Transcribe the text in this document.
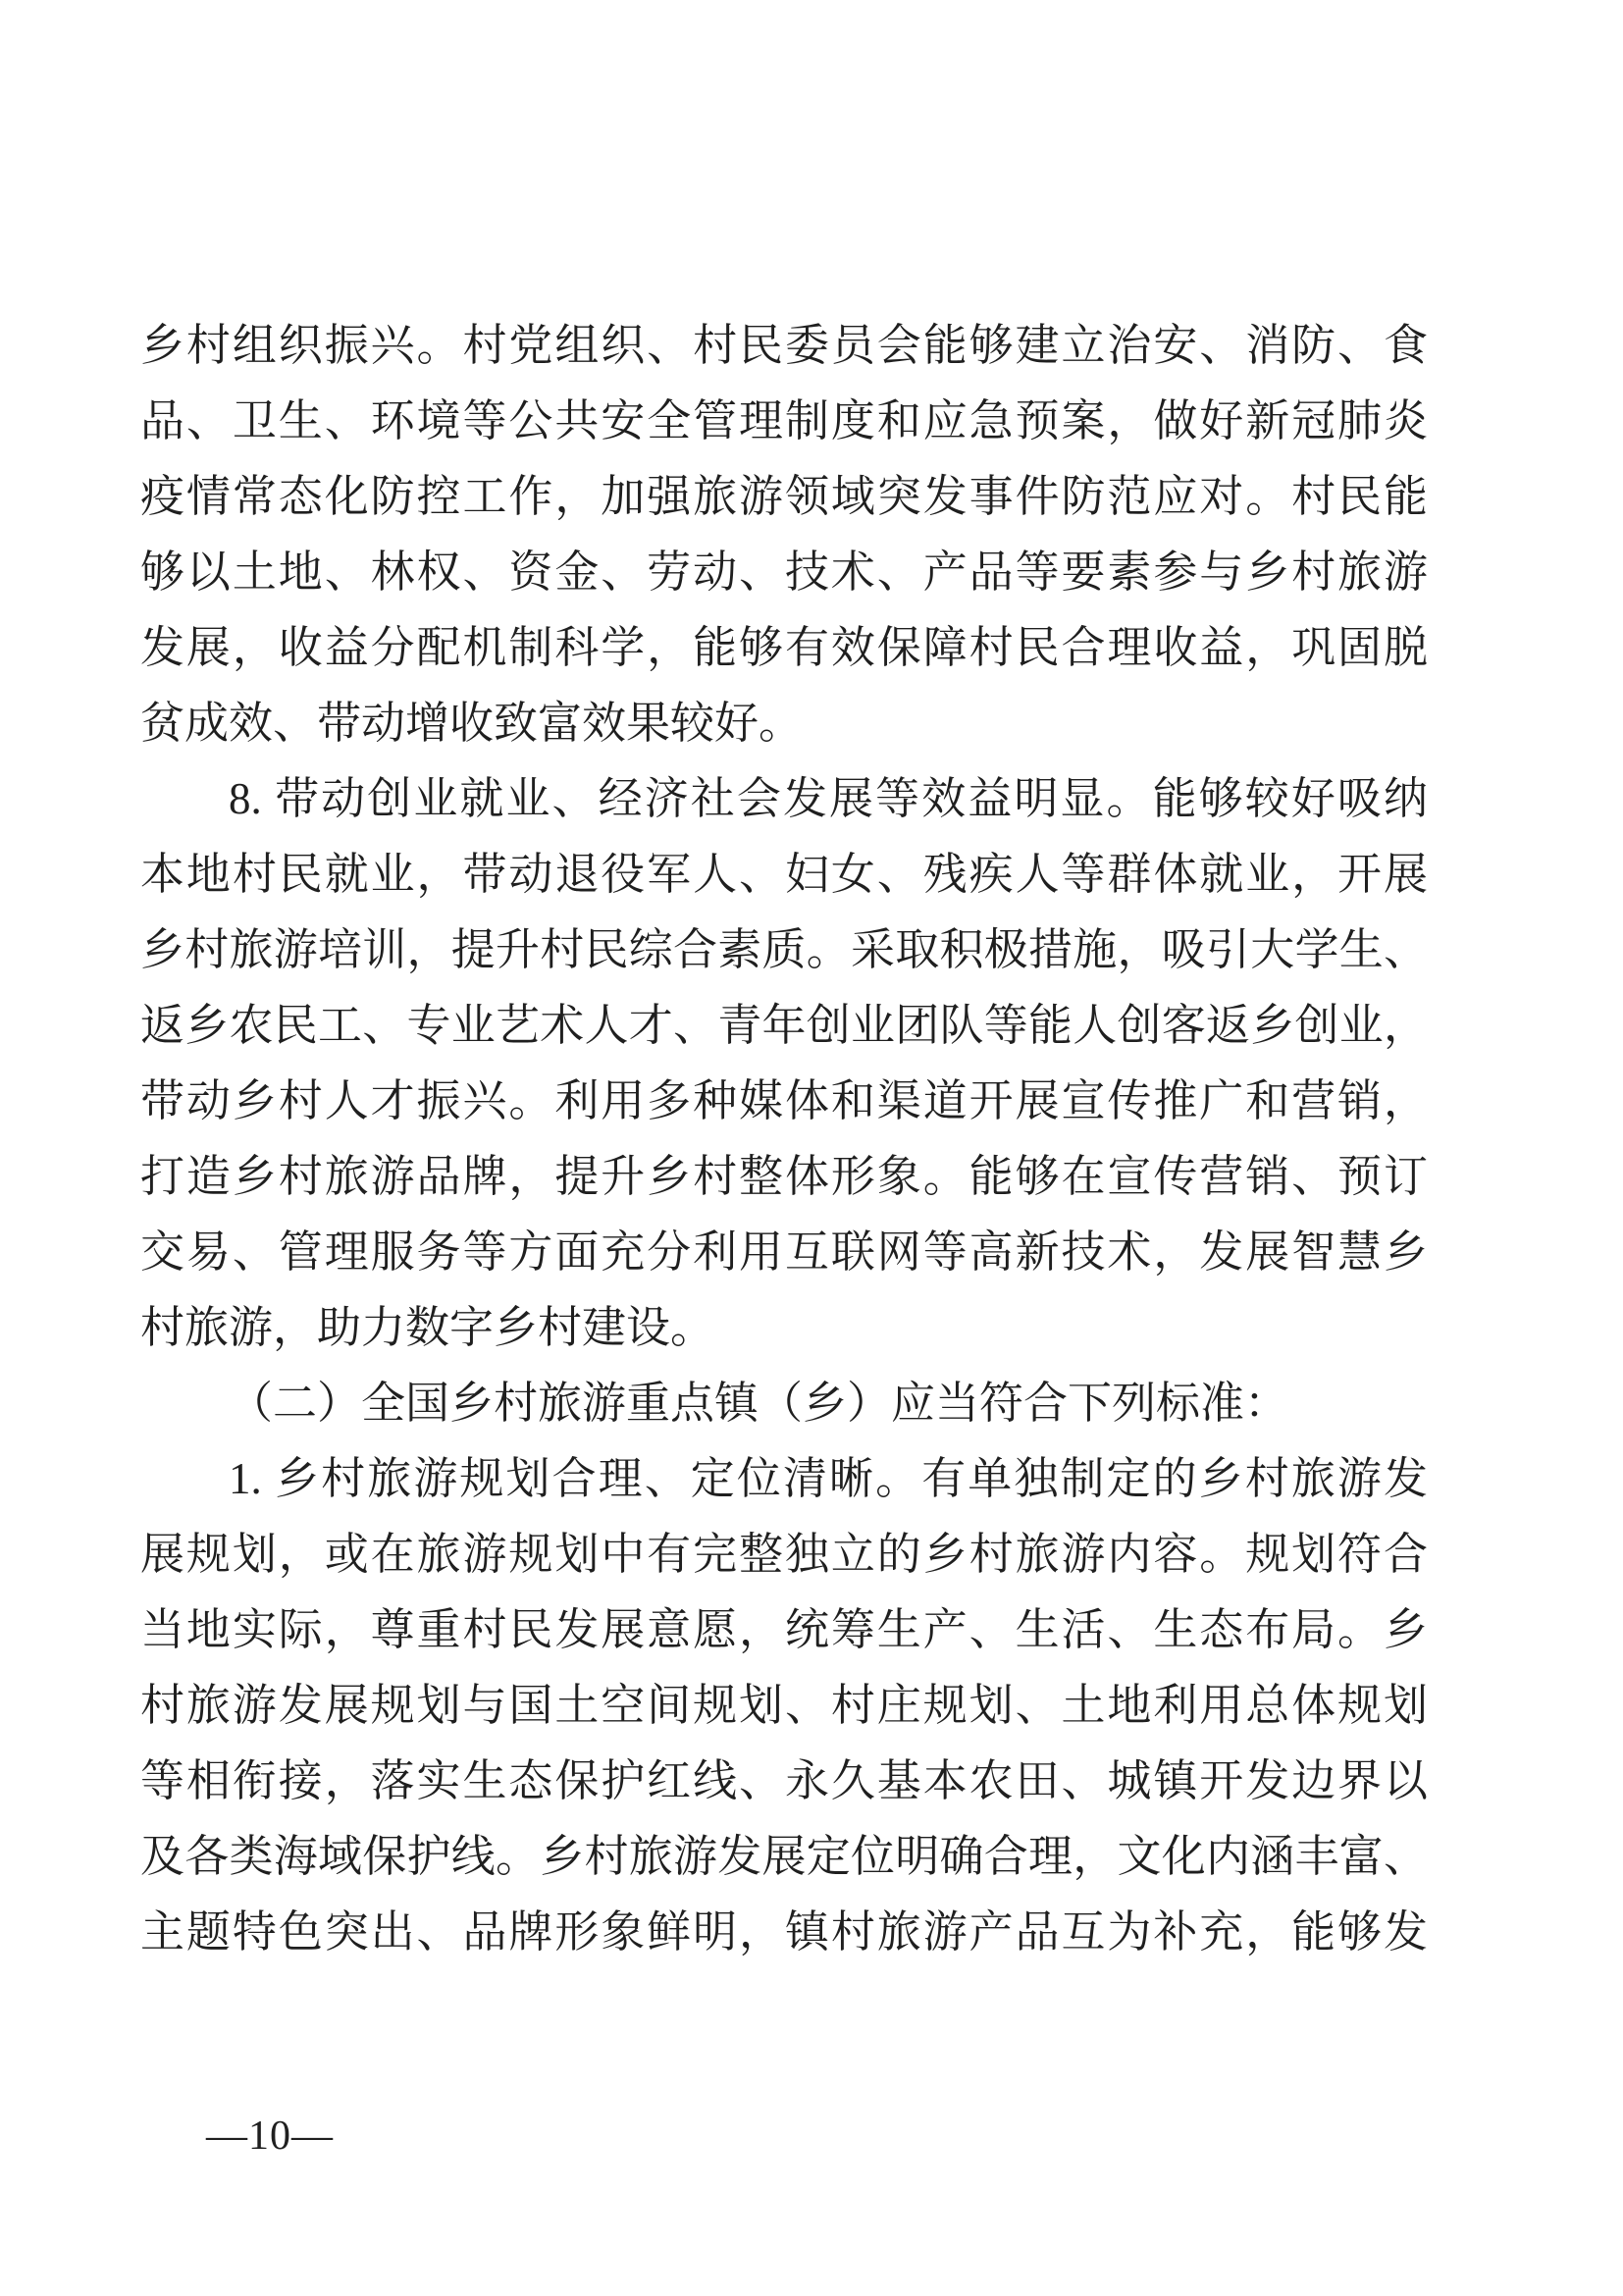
乡村组织振兴。村党组织、村民委员会能够建立治安、消防、食
品、卫生、环境等公共安全管理制度和应急预案，做好新冠肺炎
疫情常态化防控工作，加强旅游领域突发事件防范应对。村民能
够以土地、林权、资金、劳动、技术、产品等要素参与乡村旅游
发展，收益分配机制科学，能够有效保障村民合理收益，巩固脱
贫成效、带动增收致富效果较好。
8. 带动创业就业、经济社会发展等效益明显。能够较好吸纳
本地村民就业，带动退役军人、妇女、残疾人等群体就业，开展
乡村旅游培训，提升村民综合素质。采取积极措施，吸引大学生、
返乡农民工、专业艺术人才、青年创业团队等能人创客返乡创业，
带动乡村人才振兴。利用多种媒体和渠道开展宣传推广和营销，
打造乡村旅游品牌，提升乡村整体形象。能够在宣传营销、预订
交易、管理服务等方面充分利用互联网等高新技术，发展智慧乡
村旅游，助力数字乡村建设。
（二）全国乡村旅游重点镇（乡）应当符合下列标准：
1. 乡村旅游规划合理、定位清晰。有单独制定的乡村旅游发
展规划，或在旅游规划中有完整独立的乡村旅游内容。规划符合
当地实际，尊重村民发展意愿，统筹生产、生活、生态布局。乡
村旅游发展规划与国土空间规划、村庄规划、土地利用总体规划
等相衔接，落实生态保护红线、永久基本农田、城镇开发边界以
及各类海域保护线。乡村旅游发展定位明确合理，文化内涵丰富、
主题特色突出、品牌形象鲜明，镇村旅游产品互为补充，能够发
—10—
